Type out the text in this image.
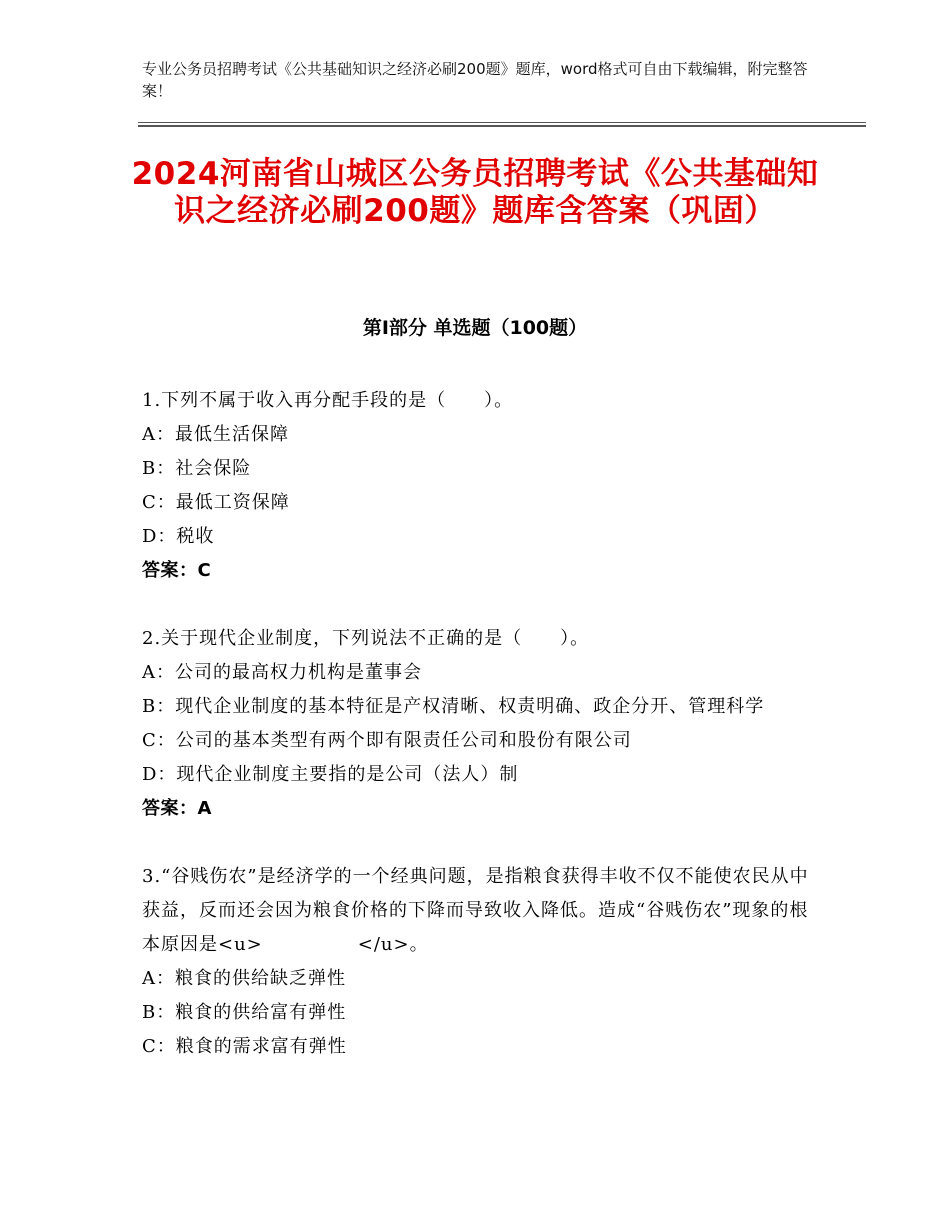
专业公务员招聘考试《公共基础知识之经济必刷200题》题库，word格式可自由下载编辑，附完整答案！
2024河南省山城区公务员招聘考试《公共基础知识之经济必刷200题》题库含答案（巩固）
第Ⅰ部分 单选题（100题）
1.下列不属于收入再分配手段的是（　　）。
A：最低生活保障
B：社会保险
C：最低工资保障
D：税收
答案：C
2.关于现代企业制度，下列说法不正确的是（　　）。
A：公司的最高权力机构是董事会
B：现代企业制度的基本特征是产权清晰、权责明确、政企分开、管理科学
C：公司的基本类型有两个即有限责任公司和股份有限公司
D：现代企业制度主要指的是公司（法人）制
答案：A
3.“谷贱伤农”是经济学的一个经典问题，是指粮食获得丰收不仅不能使农民从中获益，反而还会因为粮食价格的下降而导致收入降低。造成“谷贱伤农”现象的根本原因是<u>　　　　　</u>。
A：粮食的供给缺乏弹性
B：粮食的供给富有弹性
C：粮食的需求富有弹性
